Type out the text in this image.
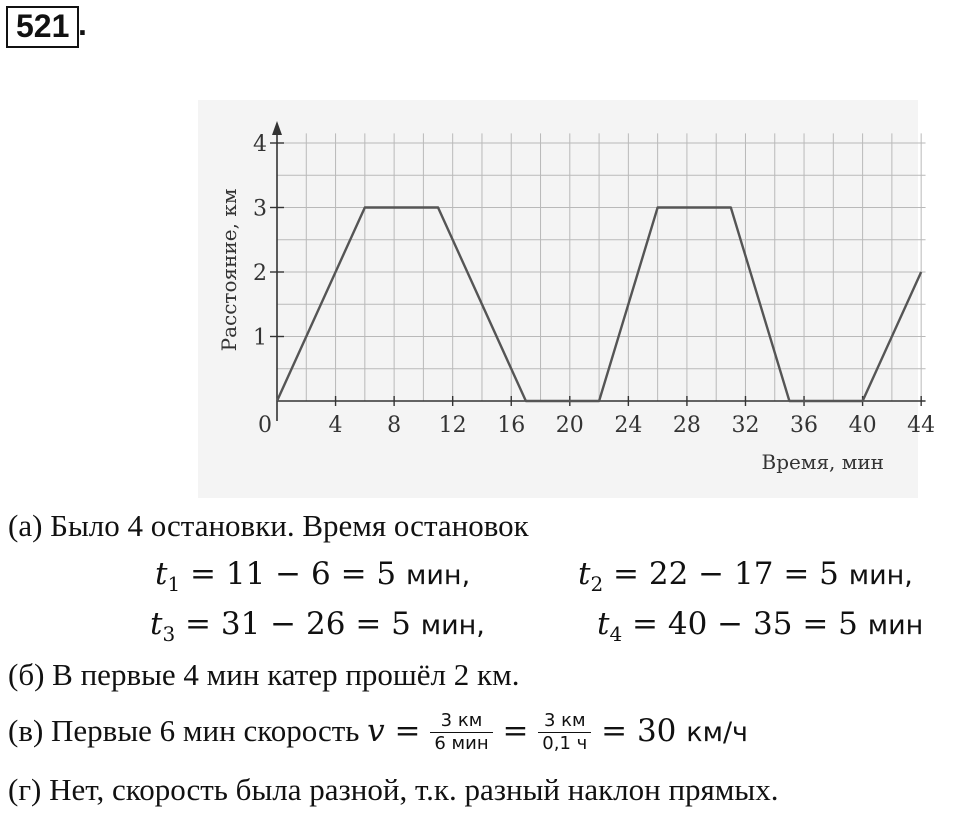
521 .
0	4 8 12 16 20 24 28 32 36 40 44
1
2
3
4
Время, мин
Расстояние, км
(а) Было 4 остановки. Время остановок
$t_1 = 11 - 6 = 5$ мин,	$t_2 = 22 - 17 = 5$ мин,
$t_3 = 31 - 26 = 5$ мин,	$t_4 = 40 - 35 = 5$ мин
(б) В первые 4 мин катер прошёл 2 км.
(в) Первые 6 мин скорость $v = \frac{3 км}{\text{6 мин}} = \frac{3 км}{0,1 ч} = 30$ км/ч
(г) Нет, скорость была разной, т.к. разный наклон прямых.
